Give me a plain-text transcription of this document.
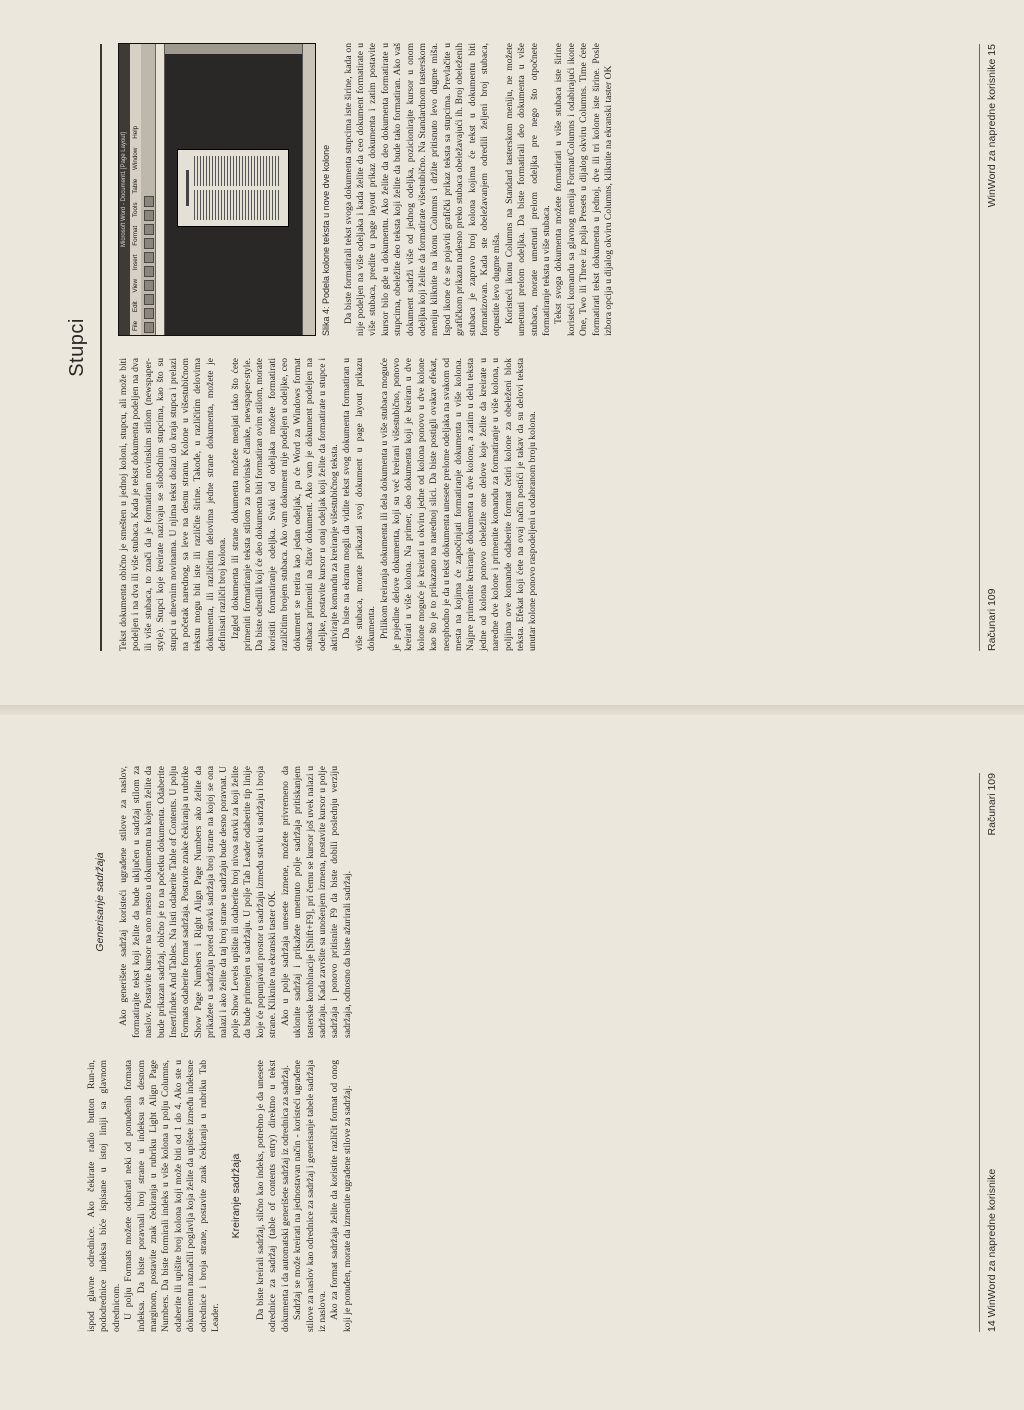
ispod glavne odrednice. Ako čekirate radio button Run-in, pododrednice indeksa biće ispisane u istoj liniji sa glavnom odrednicom. U polju Formats možete odabrati neki od ponuđenih formata indeksa. Da biste poravnali broj strane u indeksu sa desnom marginom, postavite znak čekiranja u rubriku Light Align Page Numbers. Da biste formirali indeks u više kolona u polju Columns, odaberite ili upišite broj kolona koji može biti od 1 do 4. Ako ste u dokumentu naznačili poglavlja koja želite da upišete između indeksne odrednice i broja strane, postavite znak čekiranja u rubriku Tab Leader.

Kreiranje sadržaja Da biste kreirali sadržaj, slično kao indeks, potrebno je da unesete odrednice za sadržaj (table of contents entry) direktno u tekst dokumenta i da automatski generišete sadržaj iz odrednica za sadržaj. Sadržaj se može kreirati na jednostavan način - koristeći ugrađene stilove za naslov kao odrednice za sadržaj i generisanje tabele sadržaja iz naslova. Ako za format sadržaja želite da koristite različit format od onog koji je ponuđen, morate da izmenite ugrađene stilove za sadržaj.

Generisanje sadržaja Ako generišete sadržaj koristeći ugrađene stilove za naslov, formatirajte tekst koji želite da bude uključen u sadržaj stilom za naslov. Postavite kursor na ono mesto u dokumentu na kojem želite da bude prikazan sadržaj, obično je to na početku dokumenta. Odaberite Insert/Index And Tables. Na listi odaberite Table of Contents. U polju Formats odaberite format sadržaja. Postavite znake čekiranja u rubrike Show Page Numbers i Right Align Page Numbers ako želite da prikažete u sadržaju pored stavki sadržaja broj strane na kojoj se ona nalazi i ako želite da taj broj strane u sadržaju bude desno poravnat. U polje Show Levels upišite ili odaberite broj nivoa stavki za koji želite da bude primenjen u sadržaju. U polje Tab Leader odaberite tip linije koje će popunjavati prostor u sadržaju između stavki u sadržaju i broja strane. Kliknite na ekranski taster OK. Ako u polje sadržaja unesete izmene, možete privremeno da uklonite sadržaj i prikažete umetnuto polje sadržaja pritiskanjem tasterske kombinacije [Shift+F9], pri čemu se kursor još uvek nalazi u sadržaju. Kada završite sa unošenjem izmena, postavite kursor u polje sadržaja i ponovo pritisnite F9 da biste dobili poslednju verziju sadržaja, odnosno da biste ažurirali sadržaj.

14 WinWord za napredne korisnike
Računari 109
Stupci

Tekst dokumenta obično je smešten u jednoj koloni, stupcu, ali može biti podeljen i na dva ili više stubaca. Kada je tekst dokumenta podeljen na dva ili više stubaca, to znači da je formatiran novinskim stilom (newspaper-style). Stupci koje kreirate nazivaju se slobodnim stupcima, kao što su stupci u dnevnim novinama. U njima tekst dolazi do kraja stupca i prelazi na početak narednog, sa leve na desnu stranu. Kolone u višestubičnom tekstu mogu biti iste ili različite širine. Takođe, u različitim delovima dokumenta, ili različitim delovima jedne strane dokumenta, možete je definisati različit broj kolona. Izgled dokumenta ili strane dokumenta možete menjati tako što ćete primeniti formatiranje teksta stilom za novinske članke, newspaper-style. Da biste odredili koji će deo dokumenta biti formatiran ovim stilom, morate koristiti formatiranje odeljka. Svaki od odeljaka možete formatirati različitim brojem stubaca. Ako vam dokument nije podeljen u odeljke, ceo dokument se tretira kao jedan odeljak, pa će Word za Windows format stubaca primeniti na čitav dokument. Ako vam je dokument podeljen na odeljke, postavite kursor u onaj odeljak koji želite da formatirate u stupce i aktivirajte komandu za kreiranje višestubičnog teksta. Da biste na ekranu mogli da vidite tekst svog dokumenta formatiran u više stubaca, morate prikazati svoj dokument u page layout prikazu dokumenta. Prilikom kreiranja dokumenta ili dela dokumenta u više stubaca moguće je pojedine delove dokumenta, koji su već kreirani višestubično, ponovo kreirati u više kolona. Na primer, deo dokumenta koji je kreiran u dve kolone moguće je kreirati u okviru jedne od kolona ponovo u dve kolone kao što je to prikazano na narednoj slici. Da biste postigli ovakav efekat, neophodno je da u tekst dokumenta unesete prelome odeljaka na svakom od mesta na kojima će započinjati formatiranje dokumenta u više kolona. Najpre primenite kreiranje dokumenta u dve kolone, a zatim u delu teksta jedne od kolona ponovo obeležite one delove koje želite da kreirate u naredne dve kolone i primenite komandu za formatiranje u više kolona, u poljima ove komande odaberite format četiri kolone za obeleženi blok teksta. Efekat koji ćete na ovaj način postići je takav da su delovi teksta unutar kolone ponovo raspodeljeni u odabranom broju kolona.

Microsoft Word - Document1 [Page Layout]
File Edit View Insert Format Tools Table Window Help
Slika 4: Podela kolone teksta u nove dve kolone Da biste formatirali tekst svoga dokumenta stupcima iste širine, kada on nije podeljen na više odeljaka i kada želite da ceo dokument formatirate u više stubaca, predite u page layout prikaz dokumenta i zatim postavite kursor bilo gde u dokumentu. Ako želite da deo dokumenta formatirate u stupcima, obeležite deo teksta koji želite da bude tako formatiran. Ako vaš dokument sadrži više od jednog odeljka, pozicionirajte kursor u onom odeljku koji želite da formatirate višestubično. Na Standardnom tasterskom meniju kliknite na ikonu Columns i držite pritisnuto levo dugme miša. Ispod ikone će se pojaviti grafički prikaz teksta sa stupcima. Prevlačite u grafičkom prikazu nadesno preko stubaca obeležavajući ih. Broj obeleženih stubaca je zapravo broj kolona kojima će tekst u dokumentu biti formatizovan. Kada ste obeležavanjem odredili željeni broj stubaca, otpustite levo dugme miša. Koristeći ikonu Columns na Standard tasterskom meniju, ne možete umetnuti prelom odeljka. Da biste formatirali deo dokumenta u više stubaca, morate umetnuti prelom odeljka pre nego što otpočnete formatiranje teksta u više stubaca. Tekst svoga dokumenta možete formatirati u više stubaca iste širine koristeći komandu sa glavnog menija Format/Columns i odabirajući ikone One, Two ili Three iz polja Presets u dijalog okviru Columns. Time ćete formatirati tekst dokumenta u jednoj, dve ili tri kolone iste širine. Posle izbora opcija u dijalog okviru Columns, kliknite na ekranski taster OK

Računari 109
WinWord za napredne korisnike 15
